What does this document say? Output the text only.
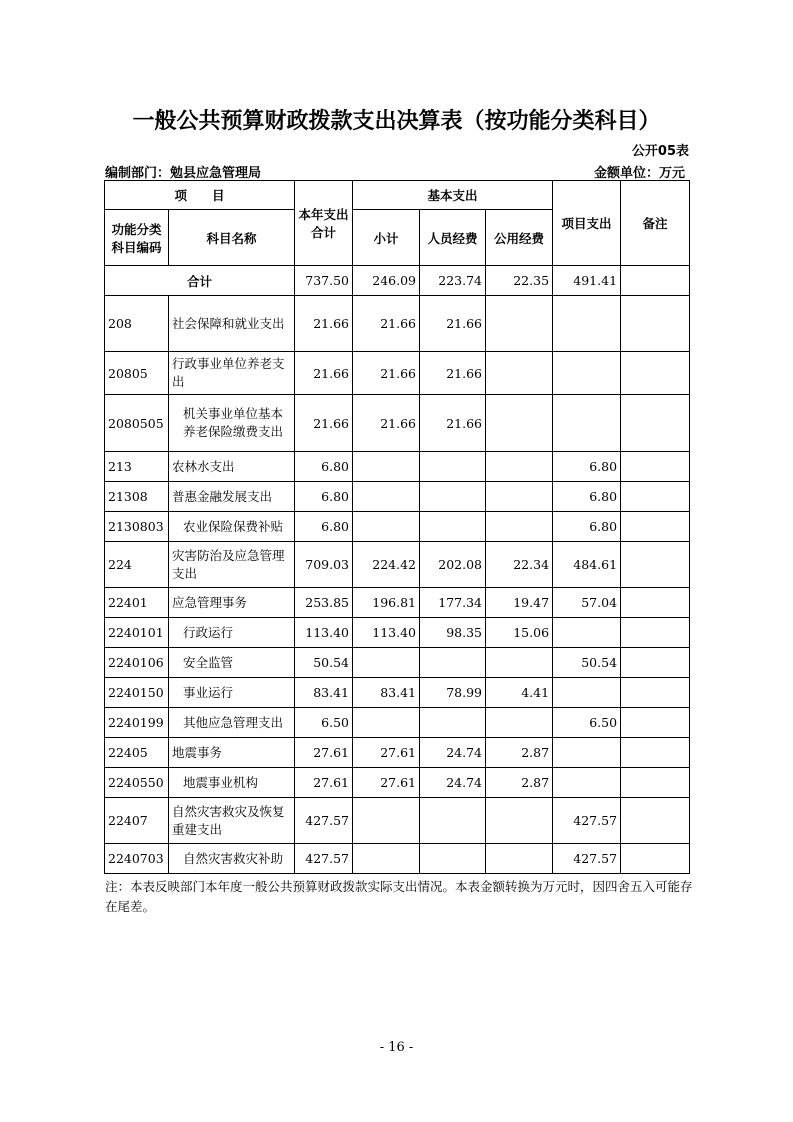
一般公共预算财政拨款支出决算表（按功能分类科目）
公开05表
编制部门：勉县应急管理局	金额单位：万元
项　　目		本年支出合计	基本支出			项目支出	备注
功能分类科目编码	科目名称		小计	人员经费	公用经费		
合计		737.50	246.09	223.74	22.35	491.41	
208	社会保障和就业支出	21.66	21.66	21.66			
20805	行政事业单位养老支出	21.66	21.66	21.66			
2080505	机关事业单位基本养老保险缴费支出	21.66	21.66	21.66			
213	农林水支出	6.80				6.80	
21308	普惠金融发展支出	6.80				6.80	
2130803	农业保险保费补贴	6.80				6.80	
224	灾害防治及应急管理支出	709.03	224.42	202.08	22.34	484.61	
22401	应急管理事务	253.85	196.81	177.34	19.47	57.04	
2240101	行政运行	113.40	113.40	98.35	15.06		
2240106	安全监管	50.54				50.54	
2240150	事业运行	83.41	83.41	78.99	4.41		
2240199	其他应急管理支出	6.50				6.50	
22405	地震事务	27.61	27.61	24.74	2.87		
2240550	地震事业机构	27.61	27.61	24.74	2.87		
22407	自然灾害救灾及恢复重建支出	427.57				427.57	
2240703	自然灾害救灾补助	427.57				427.57	
注：本表反映部门本年度一般公共预算财政拨款实际支出情况。本表金额转换为万元时，因四舍五入可能存在尾差。
- 16 -
